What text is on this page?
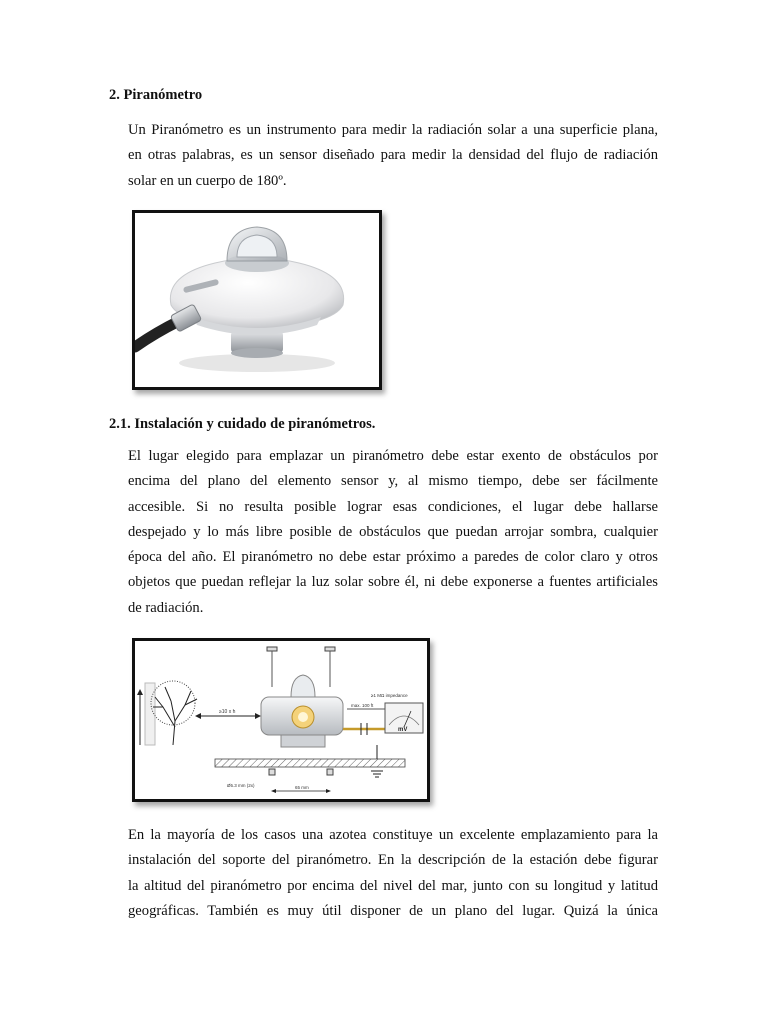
2. Piranómetro

Un Piranómetro es un instrumento para medir la radiación solar a una superficie plana,
en otras palabras, es un sensor diseñado para medir la densidad del flujo de radiación
solar en un cuerpo de 180º.

2.1. Instalación y cuidado de piranómetros.

El lugar elegido para emplazar un piranómetro debe estar exento de obstáculos por
encima del plano del elemento sensor y, al mismo tiempo, debe ser fácilmente
accesible. Si no resulta posible lograr esas condiciones, el lugar debe hallarse
despejado y lo más libre posible de obstáculos que puedan arrojar sombra, cualquier
época del año. El piranómetro no debe estar próximo a paredes de color claro y otros
objetos que puedan reflejar la luz solar sobre él, ni debe exponerse a fuentes artificiales
de radiación.

≥10 x h
max. 100 ft
≥1 MΩ impedance
mV
Ø5.3 mm (2x)	65 mm

En la mayoría de los casos una azotea constituye un excelente emplazamiento para la
instalación del soporte del piranómetro. En la descripción de la estación debe figurar
la altitud del piranómetro por encima del nivel del mar, junto con su longitud y latitud
geográficas. También es muy útil disponer de un plano del lugar. Quizá la única
